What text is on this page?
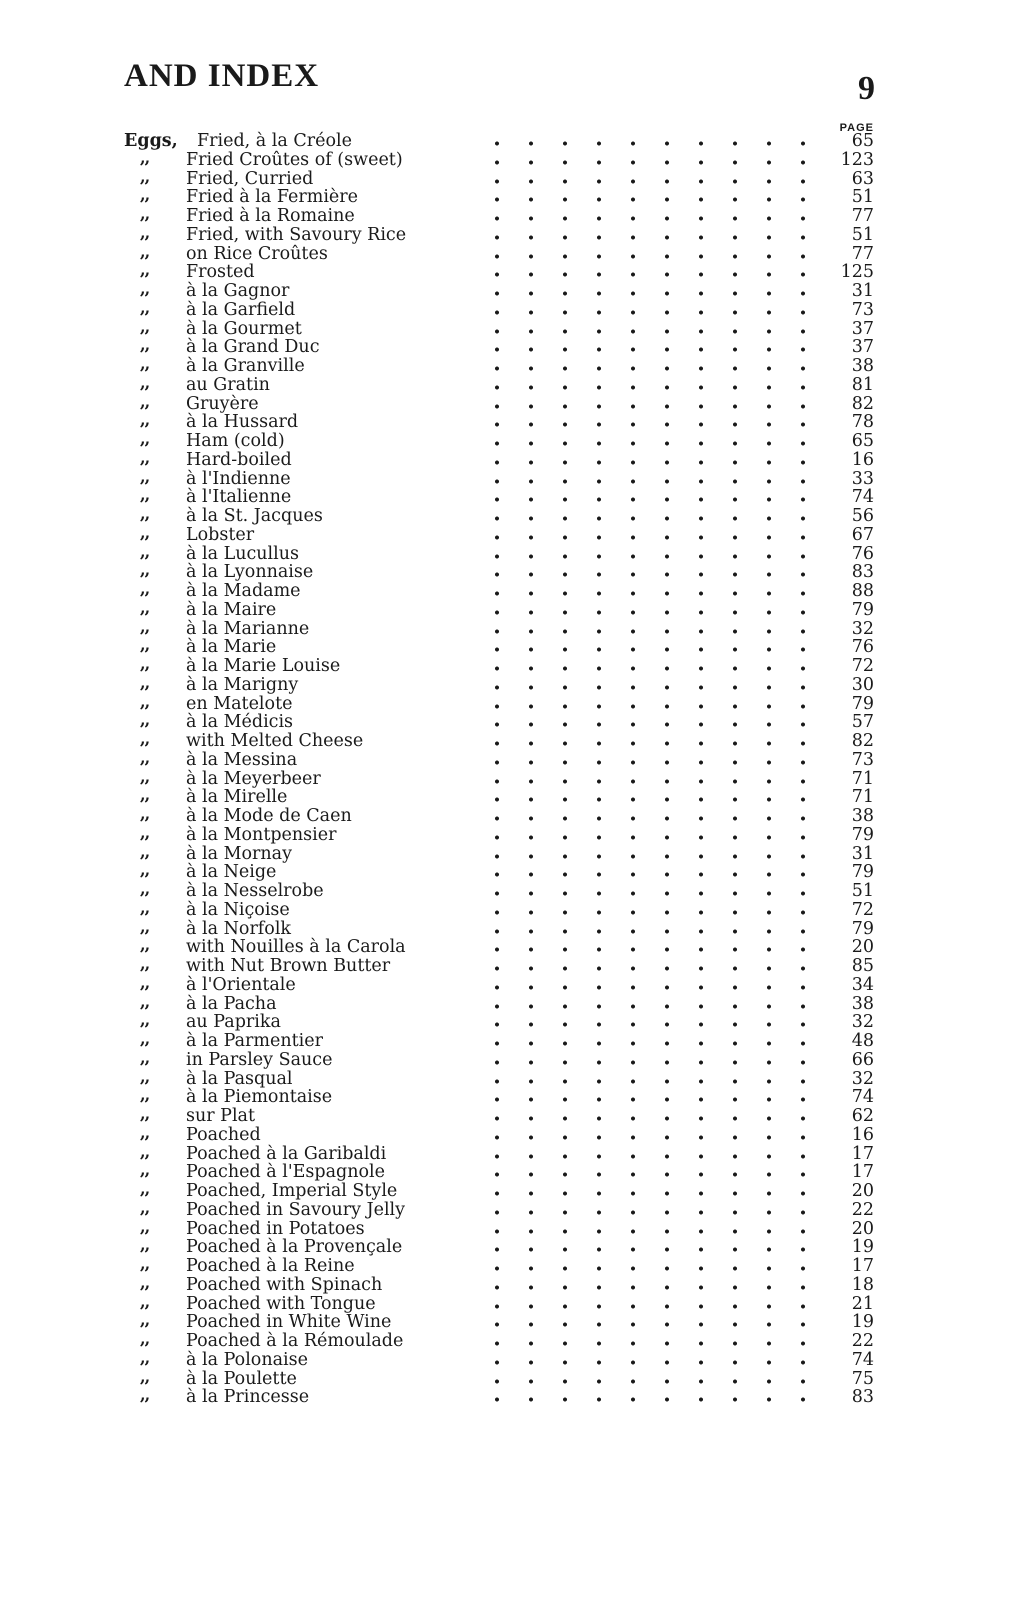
AND INDEX	9
PAGE
Eggs, Fried, à la Créole	65
,, Fried Croûtes of (sweet)	123
,, Fried, Curried	63
,, Fried à la Fermière	51
,, Fried à la Romaine	77
,, Fried, with Savoury Rice	51
,, on Rice Croûtes	77
,, Frosted	125
,, à la Gagnor	31
,, à la Garfield	73
,, à la Gourmet	37
,, à la Grand Duc	37
,, à la Granville	38
,, au Gratin	81
,, Gruyère	82
,, à la Hussard	78
,, Ham (cold)	65
,, Hard-boiled	16
,, à l'Indienne	33
,, à l'Italienne	74
,, à la St. Jacques	56
,, Lobster	67
,, à la Lucullus	76
,, à la Lyonnaise	83
,, à la Madame	88
,, à la Maire	79
,, à la Marianne	32
,, à la Marie	76
,, à la Marie Louise	72
,, à la Marigny	30
,, en Matelote	79
,, à la Médicis	57
,, with Melted Cheese	82
,, à la Messina	73
,, à la Meyerbeer	71
,, à la Mirelle	71
,, à la Mode de Caen	38
,, à la Montpensier	79
,, à la Mornay	31
,, à la Neige	79
,, à la Nesselrobe	51
,, à la Niçoise	72
,, à la Norfolk	79
,, with Nouilles à la Carola	20
,, with Nut Brown Butter	85
,, à l'Orientale	34
,, à la Pacha	38
,, au Paprika	32
,, à la Parmentier	48
,, in Parsley Sauce	66
,, à la Pasqual	32
,, à la Piemontaise	74
,, sur Plat	62
,, Poached	16
,, Poached à la Garibaldi	17
,, Poached à l'Espagnole	17
,, Poached, Imperial Style	20
,, Poached in Savoury Jelly	22
,, Poached in Potatoes	20
,, Poached à la Provençale	19
,, Poached à la Reine	17
,, Poached with Spinach	18
,, Poached with Tongue	21
,, Poached in White Wine	19
,, Poached à la Rémoulade	22
,, à la Polonaise	74
,, à la Poulette	75
,, à la Princesse	83
